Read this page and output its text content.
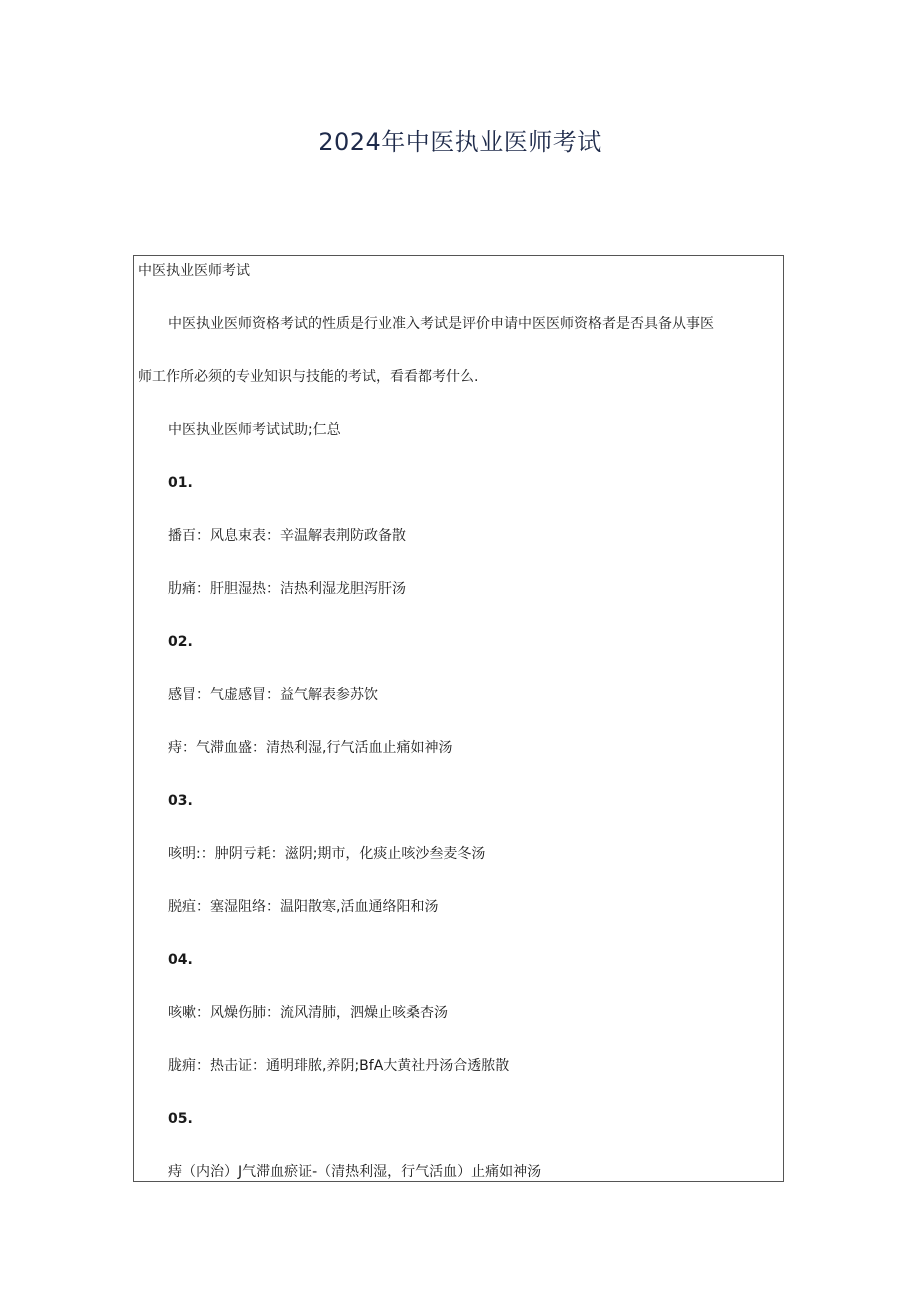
2024年中医执业医师考试
中医执业医师考试
中医执业医师资格考试的性质是行业准入考试是评价申请中医医师资格者是否具备从事医
师工作所必须的专业知识与技能的考试，看看都考什么.
中医执业医师考试试助;仁总
01.
播百：风息束表：辛温解表荆防政备散
肋痛：肝胆湿热：洁热利湿龙胆泻肝汤
02.
感冒：气虚感冒：益气解表参苏饮
痔：气滞血盛：清热利湿,行气活血止痛如神汤
03.
咳明:：肿阴亏耗：滋阴;期市，化痰止咳沙叁麦冬汤
脱疽：塞湿阻络：温阳散寒,活血通络阳和汤
04.
咳嗽：风燥伤肺：流风清肺，泗燥止咳桑杏汤
胧痈：热击证：通明琲脓,养阴;BfA大黄社丹汤合透脓散
05.
痔（内治）J气滞血瘀证-（清热利湿，行气活血）止痛如神汤
